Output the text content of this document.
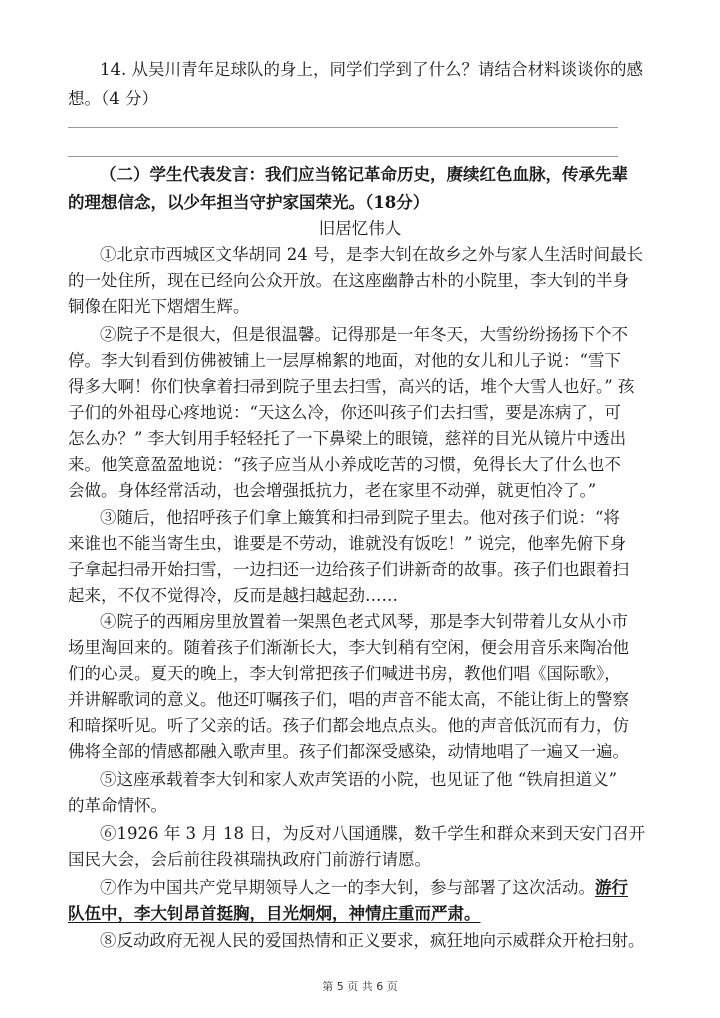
14. 从吴川青年足球队的身上，同学们学到了什么？请结合材料谈谈你的感
想。（4 分）
（二）学生代表发言：我们应当铭记革命历史，赓续红色血脉，传承先辈
的理想信念，以少年担当守护家国荣光。（18分）
旧居忆伟人
①北京市西城区文华胡同 24 号，是李大钊在故乡之外与家人生活时间最长
的一处住所，现在已经向公众开放。在这座幽静古朴的小院里，李大钊的半身
铜像在阳光下熠熠生辉。
②院子不是很大，但是很温馨。记得那是一年冬天，大雪纷纷扬扬下个不
停。李大钊看到仿佛被铺上一层厚棉絮的地面，对他的女儿和儿子说：“雪下
得多大啊！你们快拿着扫帚到院子里去扫雪，高兴的话，堆个大雪人也好。” 孩
子们的外祖母心疼地说：“天这么冷，你还叫孩子们去扫雪，要是冻病了，可
怎么办？” 李大钊用手轻轻托了一下鼻梁上的眼镜，慈祥的目光从镜片中透出
来。他笑意盈盈地说：“孩子应当从小养成吃苦的习惯，免得长大了什么也不
会做。身体经常活动，也会增强抵抗力，老在家里不动弹，就更怕冷了。”
③随后，他招呼孩子们拿上簸箕和扫帚到院子里去。他对孩子们说：“将
来谁也不能当寄生虫，谁要是不劳动，谁就没有饭吃！” 说完，他率先俯下身
子拿起扫帚开始扫雪，一边扫还一边给孩子们讲新奇的故事。孩子们也跟着扫
起来，不仅不觉得冷，反而是越扫越起劲……
④院子的西厢房里放置着一架黑色老式风琴，那是李大钊带着儿女从小市
场里淘回来的。随着孩子们渐渐长大，李大钊稍有空闲，便会用音乐来陶冶他
们的心灵。夏天的晚上，李大钊常把孩子们喊进书房，教他们唱《国际歌》，
并讲解歌词的意义。他还叮嘱孩子们，唱的声音不能太高，不能让街上的警察
和暗探听见。听了父亲的话。孩子们都会地点点头。他的声音低沉而有力，仿
佛将全部的情感都融入歌声里。孩子们都深受感染，动情地唱了一遍又一遍。
⑤这座承载着李大钊和家人欢声笑语的小院，也见证了他 “铁肩担道义”
的革命情怀。
⑥1926 年 3 月 18 日，为反对八国通牒，数千学生和群众来到天安门召开
国民大会，会后前往段祺瑞执政府门前游行请愿。
⑦作为中国共产党早期领导人之一的李大钊，参与部署了这次活动。游行
队伍中，李大钊昂首挺胸，目光炯炯，神情庄重而严肃。
⑧反动政府无视人民的爱国热情和正义要求，疯狂地向示威群众开枪扫射。
第 5 页 共 6 页
